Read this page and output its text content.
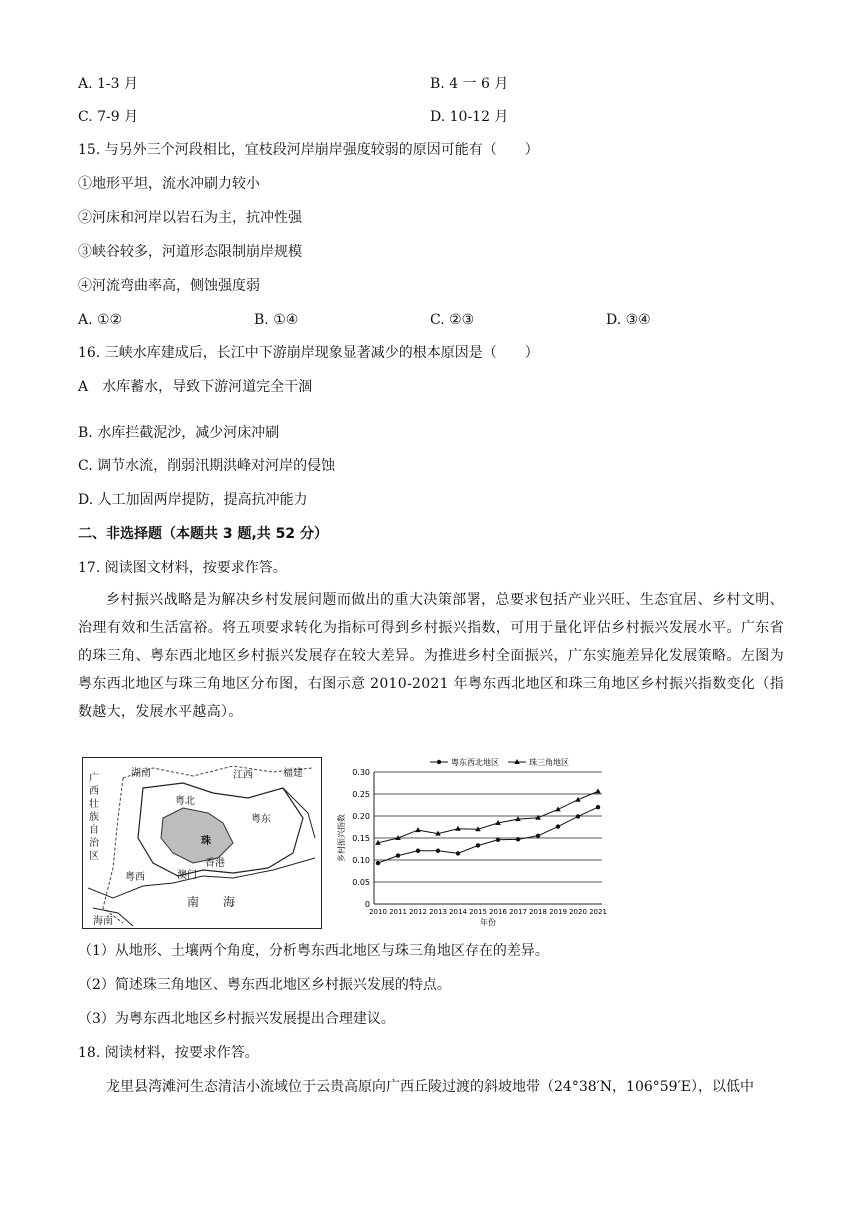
A. 1-3 月	B. 4 一 6 月
C. 7-9 月	D. 10-12 月
15. 与另外三个河段相比，宜枝段河岸崩岸强度较弱的原因可能有（　　）
①地形平坦，流水冲刷力较小
②河床和河岸以岩石为主，抗冲性强
③峡谷较多，河道形态限制崩岸规模
④河流弯曲率高，侧蚀强度弱
A. ①②	B. ①④	C. ②③	D. ③④
16. 三峡水库建成后，长江中下游崩岸现象显著减少的根本原因是（　　）
A　水库蓄水，导致下游河道完全干涸
B. 水库拦截泥沙，减少河床冲刷
C. 调节水流，削弱汛期洪峰对河岸的侵蚀
D. 人工加固两岸提防，提高抗冲能力
二、非选择题（本题共 3 题,共 52 分）
17. 阅读图文材料，按要求作答。
乡村振兴战略是为解决乡村发展问题而做出的重大决策部署，总要求包括产业兴旺、生态宜居、乡村文明、治理有效和生活富裕。将五项要求转化为指标可得到乡村振兴指数，可用于量化评估乡村振兴发展水平。广东省的珠三角、粤东西北地区乡村振兴发展存在较大差异。为推进乡村全面振兴，广东实施差异化发展策略。左图为粤东西北地区与珠三角地区分布图，右图示意 2010-2021 年粤东西北地区和珠三角地区乡村振兴指数变化（指数越大，发展水平越高）。
湖南	江西	福建
广西壮族自治区
粤北
粤东
珠
香港
澳门
粤西
南　　海
海南
0
0.05
0.10
0.15
0.20
0.25
0.30
2010 2011 2012 2013 2014 2015 2016 2017 2018 2019 2020 2021
年份
乡村振兴指数
粤东西北地区	珠三角地区
（1）从地形、土壤两个角度，分析粤东西北地区与珠三角地区存在的差异。
（2）简述珠三角地区、粤东西北地区乡村振兴发展的特点。
（3）为粤东西北地区乡村振兴发展提出合理建议。
18. 阅读材料，按要求作答。
龙里县湾滩河生态清洁小流域位于云贵高原向广西丘陵过渡的斜坡地带（24°38′N，106°59′E），以低中
